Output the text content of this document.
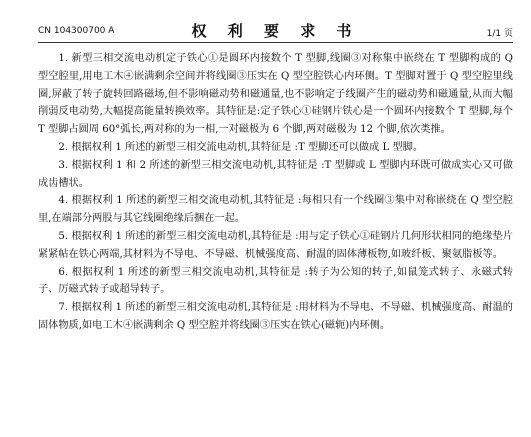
CN 104300700 A	权 利 要 求 书	1/1 页

1. 新型三相交流电动机定子铁心①是圆环内接数个 T 型脚,线圈③对称集中嵌绕在 T 型脚构成的 Q 型空腔里,用电工木④嵌满剩余空间并将线圈③压实在 Q 型空腔铁心内环侧。T 型脚对置于 Q 型空腔里线圈,屏蔽了转子旋转回路磁场,但不影响磁动势和磁通量,也不影响定子线圈产生的磁动势和磁通量,从而大幅削弱反电动势,大幅提高能量转换效率。其特征是:定子铁心①硅钢片铁心是一个圆环内接数个 T 型脚,每个 T 型脚占圆周 60°弧长,两对称的为一相,一对磁极为 6 个脚,两对磁极为 12 个脚,依次类推。

2. 根据权利 1 所述的新型三相交流电动机,其特征是 :T 型脚还可以做成 L 型脚。

3. 根据权利 1 和 2 所述的新型三相交流电动机,其特征是 :T 型脚或 L 型脚内环既可做成实心又可做成齿槽状。

4. 根据权利 1 所述的新型三相交流电动机,其特征是 :每相只有一个线圈③集中对称嵌绕在 Q 型空腔里,在端部分两股与其它线圈绝缘后捆在一起。

5. 根据权利 1 所述的新型三相交流电动机,其特征是 :用与定子铁心①硅钢片几何形状相同的绝缘垫片紧紧帖在铁心两端,其材料为不导电、不导磁、机械强度高、耐温的固体薄板物,如玻纤板、聚氨脂板等。

6. 根据权利 1 所述的新型三相交流电动机,其特征是 :转子为公知的转子,如鼠笼式转子、永磁式转子、厉磁式转子或超导转子。

7. 根据权利 1 所述的新型三相交流电动机,其特征是 :用材料为不导电、不导磁、机械强度高、耐温的固体物质,如电工木④嵌满剩余 Q 型空腔并将线圈③压实在铁心(磁轭)内环侧。
